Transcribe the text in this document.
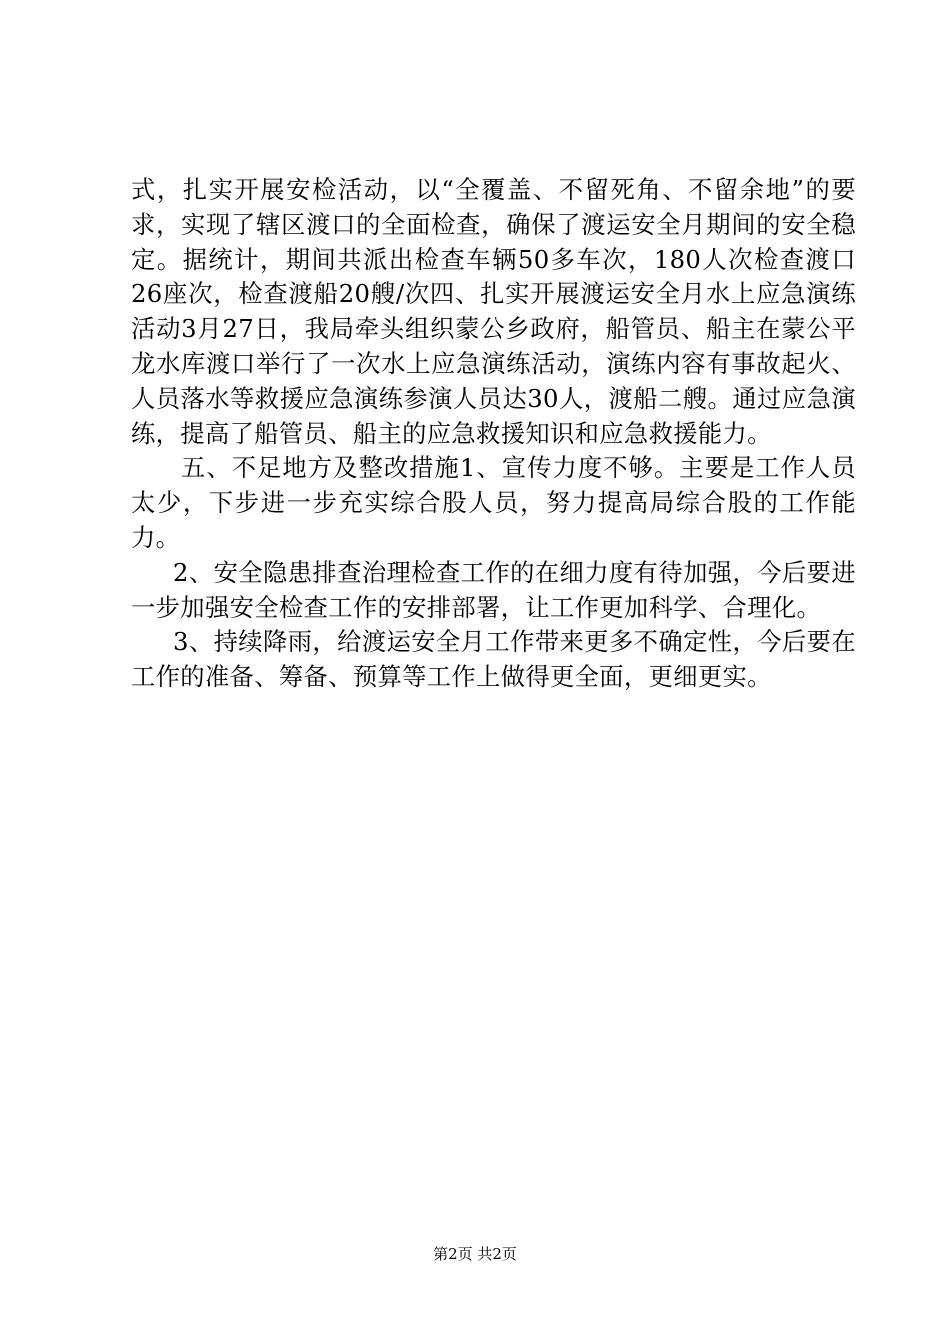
式，扎实开展安检活动，以“全覆盖、不留死角、不留余地”的要求，实现了辖区渡口的全面检查，确保了渡运安全月期间的安全稳定。据统计，期间共派出检查车辆50多车次，180人次检查渡口26座次，检查渡船20艘/次四、扎实开展渡运安全月水上应急演练活动3月27日，我局牵头组织蒙公乡政府，船管员、船主在蒙公平龙水库渡口举行了一次水上应急演练活动，演练内容有事故起火、人员落水等救援应急演练参演人员达30人，渡船二艘。通过应急演练，提高了船管员、船主的应急救援知识和应急救援能力。

五、不足地方及整改措施1、宣传力度不够。主要是工作人员太少，下步进一步充实综合股人员，努力提高局综合股的工作能力。

2、安全隐患排查治理检查工作的在细力度有待加强，今后要进一步加强安全检查工作的安排部署，让工作更加科学、合理化。

3、持续降雨，给渡运安全月工作带来更多不确定性，今后要在工作的准备、筹备、预算等工作上做得更全面，更细更实。

第2页 共2页
